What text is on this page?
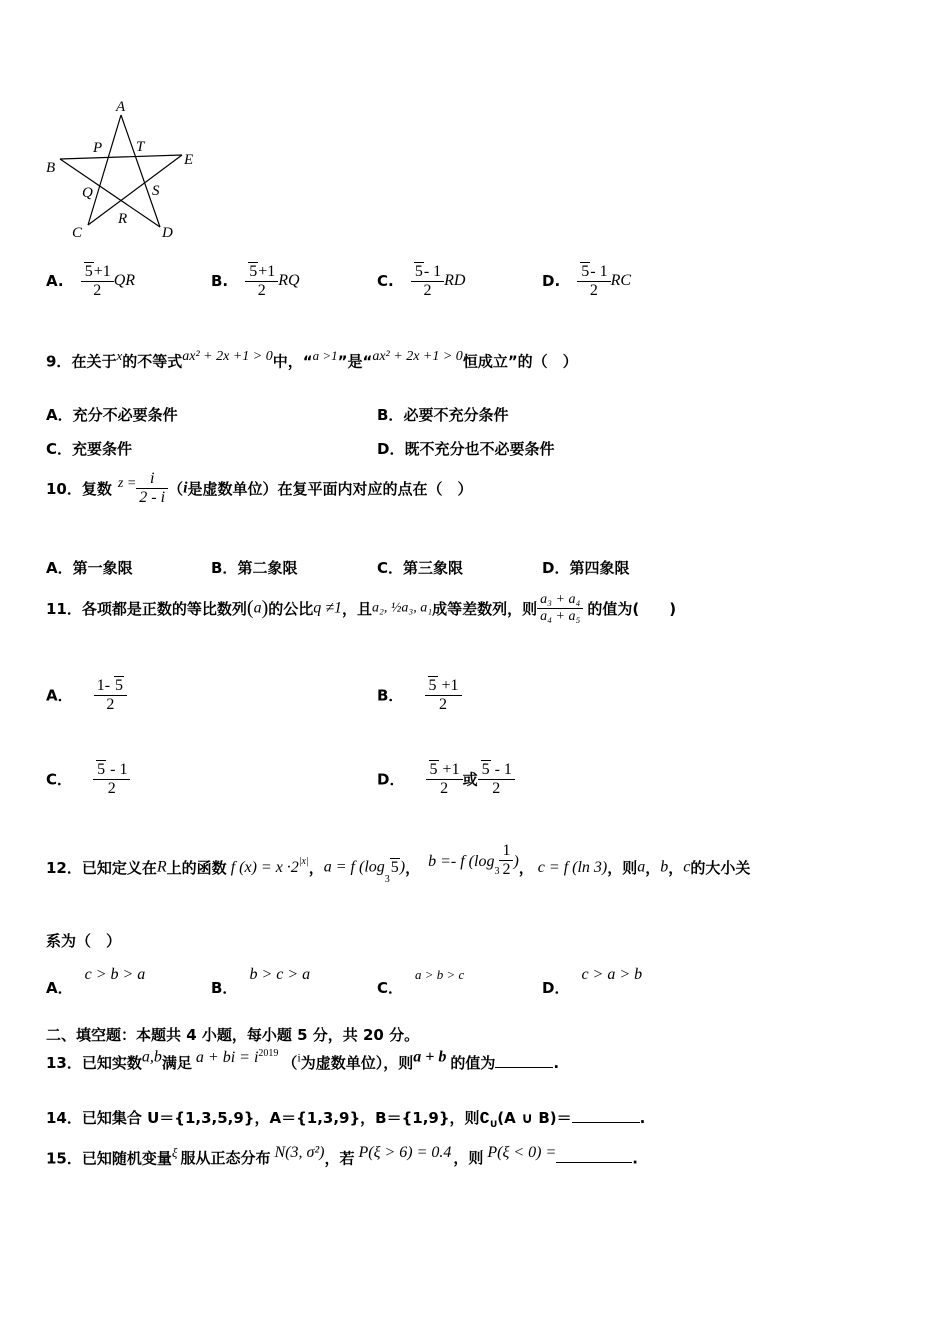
A
B	E
C	D
P T
Q	S
R
A. $\frac{5+1}{2}$ QR	B. $\frac{5+1}{2}$ RQ	C. $\frac{5- 1}{2}$ RD	D. $\frac{5- 1}{2}$ RC
9．在关于$^x$的不等式ax² + 2x +1 > 0中，“$^{a >1}$”是“ax² + 2x +1 > 0恒成立”的（　）
A．充分不必要条件	B．必要不充分条件
C．充要条件	D．既不充分也不必要条件
10．复数 $z = \frac{i}{2 - i} (i$是虚数单位）在复平面内对应的点在（　）
A．第一象限	B．第二象限	C．第三象限	D．第四象限
11．各项都是正数的等比数列(a)的公比q ≠1，且a₂, ½a₃, a₁成等差数列，则 $\frac{\text{a₃ + a₄}}{\text{a₄ + a₅}}$ 的值为(　　)
A． $\frac{1- 5}{2}$	B． $\frac{5 +1}{2}$
C． $\frac{5 - 1}{2}$	D． $\frac{5 +1}{2}$ 或 $\frac{5 - 1}{2}$
12．已知定义在R上的函数 f $(x) = x \cdot 2^{|x|}$，a = f $(\log_35)$， b =- f ($\log 3 \frac{1}{2}$ )， c = f (ln 3)，则a，b，c的大小关
系为（　）
A．c > b > a
B．b > c > a
C．a > b > c
D．c > a > b
二、填空题：本题共 4 小题，每小题 5 分，共 20 分。
13．已知实数a,b满足 a + bi = $i^{2019}(^i$为虚数单位），则a + b 的值为	.
14．已知集合 U＝{1,3,5,9}，A＝{1,3,9}，B＝{1,9}，则$∁_U(A$ ∪ B)＝	.
15．已知随机变量$^\xi$ 服从正态分布 N(3, σ²)，若 P(ξ > 6) = 0.4 ，则 P(ξ < 0) =	.
